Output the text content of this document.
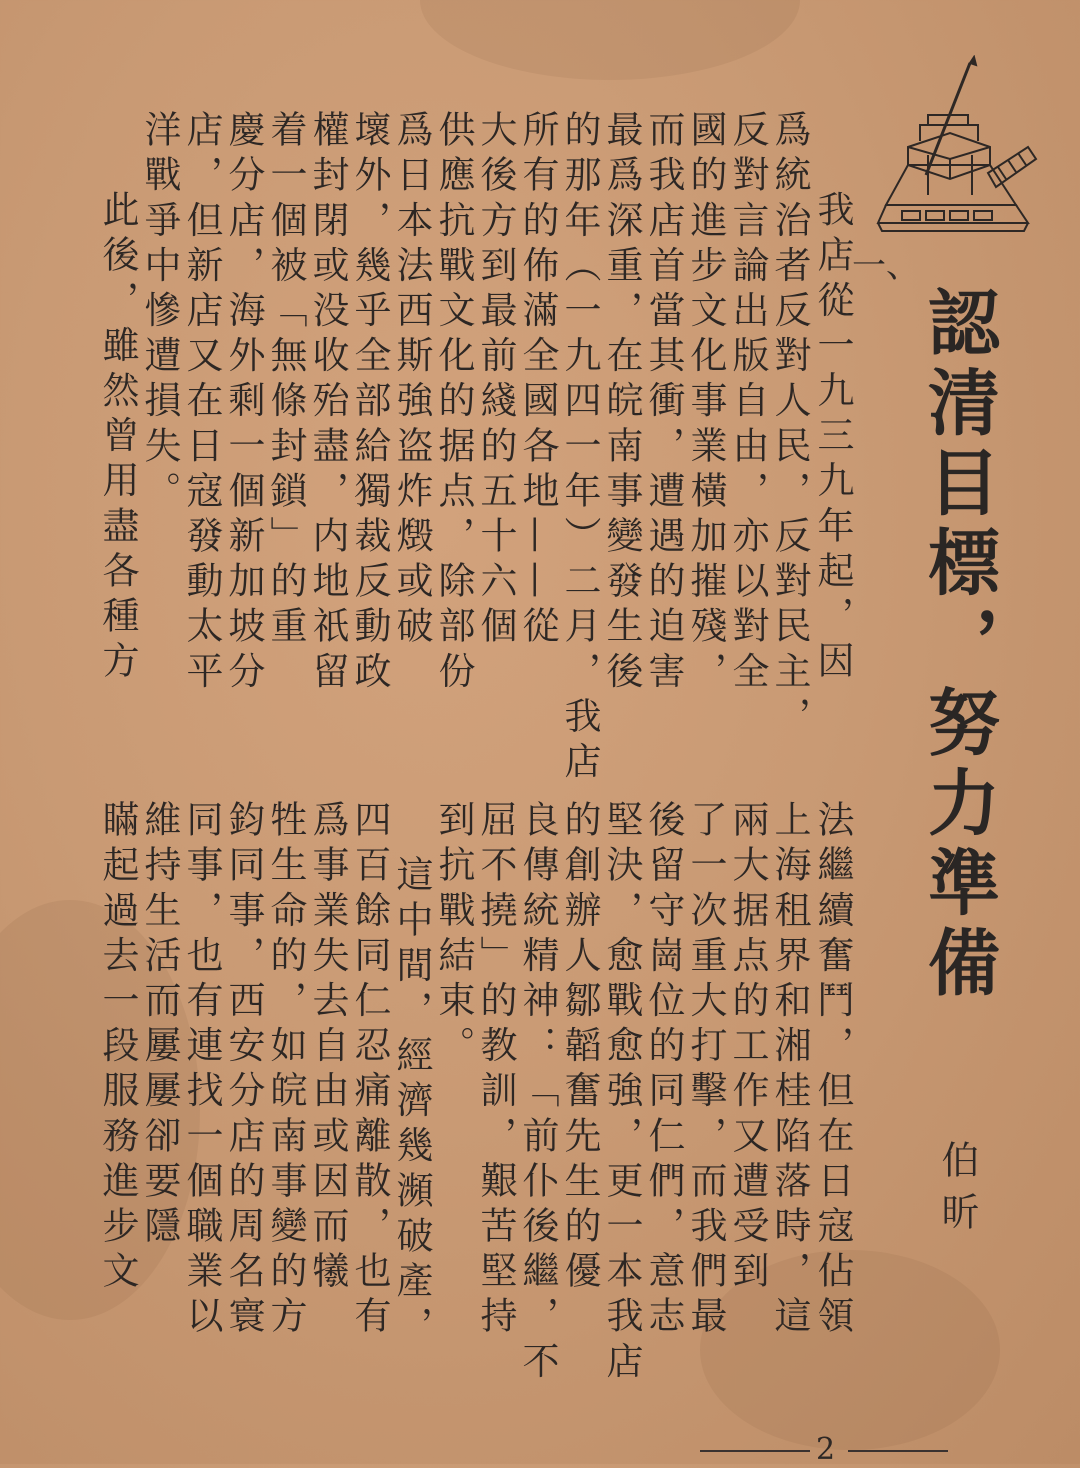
認清目標，努力準備
伯昕
一、
我店從一九三九年起，因
爲統治者反對人民，反對民主，
反對言論出版自由，亦以對全
國的進步文化事業橫加摧殘，
而我店首當其衝，遭遇的迫害
最爲深重，在皖南事變發生後
的那年（一九四一年）二月，我店
所有的佈滿全國各地——從
大後方到最前綫的五十六個
供應抗戰文化的据点，除部份
爲日本法西斯強盗炸燬或破
壞外，幾乎全部給獨裁反動政
權封閉或没收殆盡，内地祇留
着一個被「無條封鎖」的重
慶分店，海外剩一個新加坡分
店，但新店又在日寇發動太平
洋戰爭中慘遭損失。
此後，雖然曾用盡各種方
法繼續奮鬥，但在日寇佔領
上海租界和湘桂陷落時，這
兩大据点的工作又遭受到
了一次重大打擊，而我們最
後留守崗位的同仁們，意志
堅決，愈戰愈強，更一本我店
的創辦人鄒韜奮先生的優
良傳統精神：「前仆後繼，不
屈不撓」的教訓，艱苦堅持
到抗戰結束。
這中間，經濟幾瀕破產，
四百餘同仁忍痛離散，也有
爲事業失去自由或因而犧
牲生命的，如皖南事變的方
鈞同事，西安分店的周名寰
同事，也有連找一個職業以
維持生活而屢屢卻要隱
瞞起過去一段服務進步文
2
